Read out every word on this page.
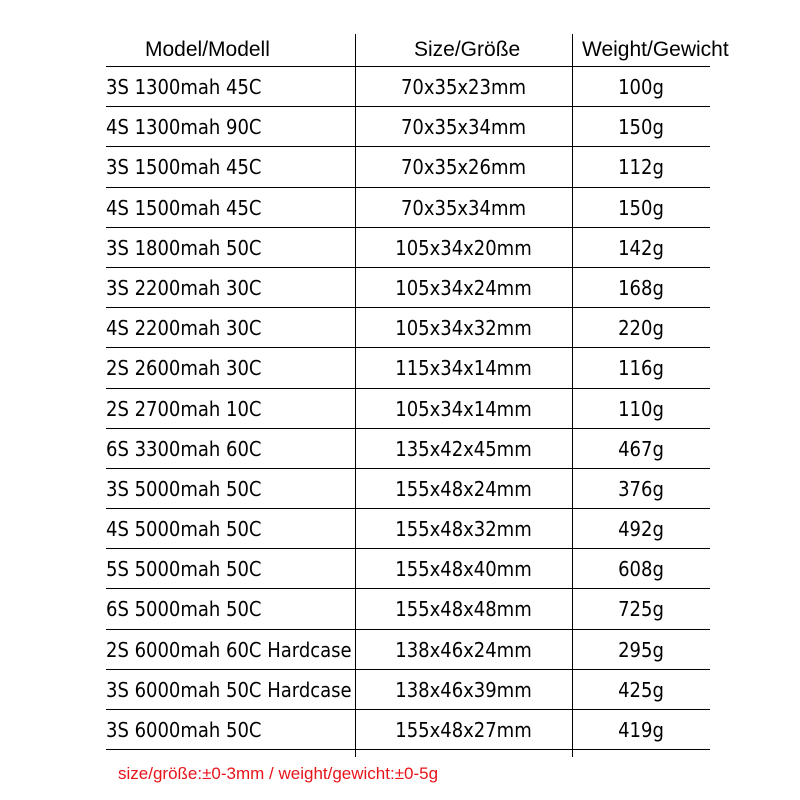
Model/Modell	Size/Größe	Weight/Gewicht
3S 1300mah 45C	70x35x23mm	100g
4S 1300mah 90C	70x35x34mm	150g
3S 1500mah 45C	70x35x26mm	112g
4S 1500mah 45C	70x35x34mm	150g
3S 1800mah 50C	105x34x20mm	142g
3S 2200mah 30C	105x34x24mm	168g
4S 2200mah 30C	105x34x32mm	220g
2S 2600mah 30C	115x34x14mm	116g
2S 2700mah 10C	105x34x14mm	110g
6S 3300mah 60C	135x42x45mm	467g
3S 5000mah 50C	155x48x24mm	376g
4S 5000mah 50C	155x48x32mm	492g
5S 5000mah 50C	155x48x40mm	608g
6S 5000mah 50C	155x48x48mm	725g
2S 6000mah 60C Hardcase	138x46x24mm	295g
3S 6000mah 50C Hardcase	138x46x39mm	425g
3S 6000mah 50C	155x48x27mm	419g
size/größe:±0-3mm / weight/gewicht:±0-5g
